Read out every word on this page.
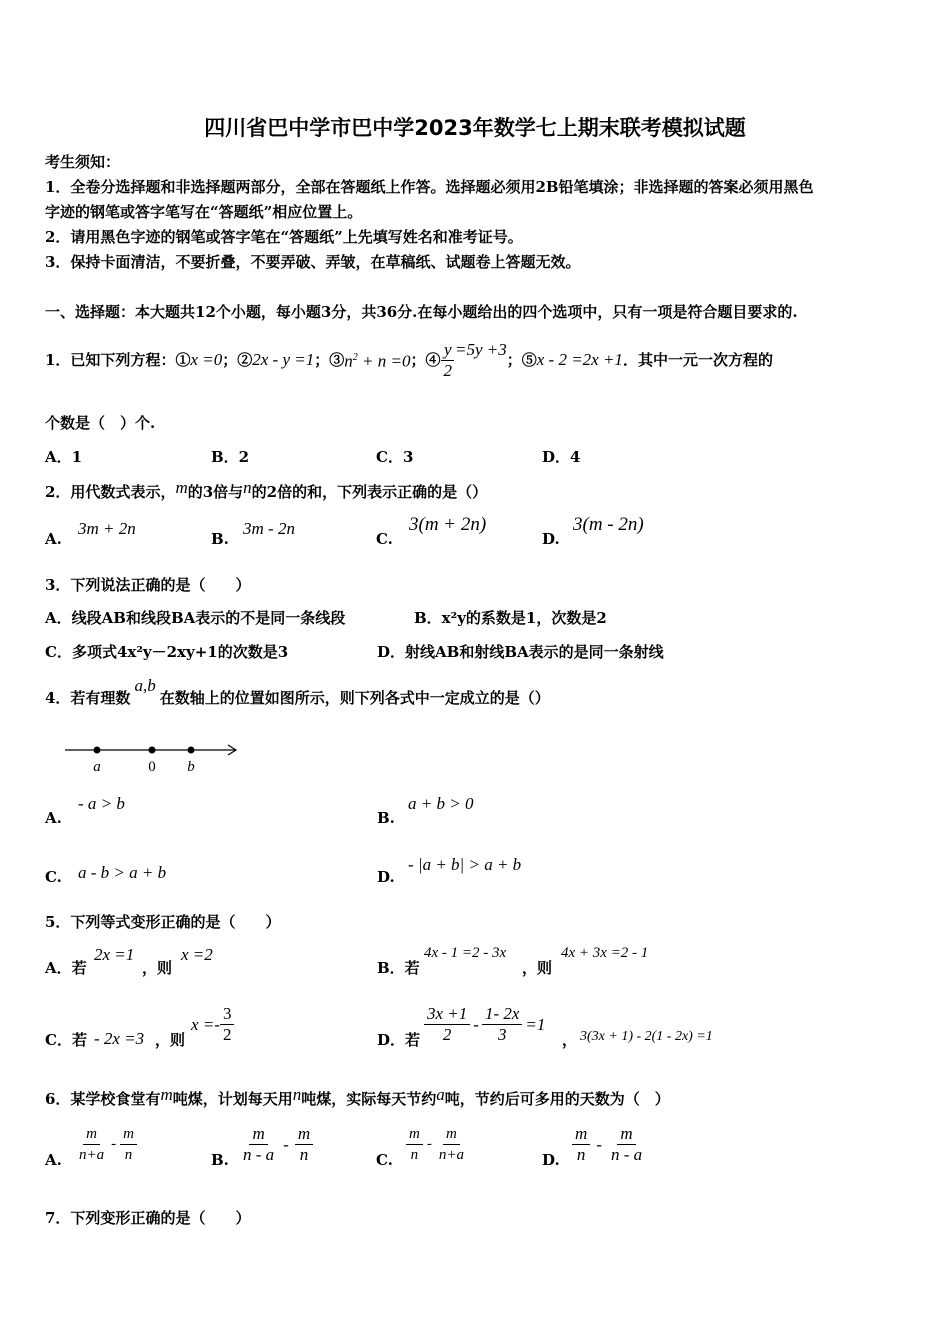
四川省巴中学市巴中学2023年数学七上期末联考模拟试题
考生须知：
1．全卷分选择题和非选择题两部分，全部在答题纸上作答。选择题必须用2B铅笔填涂；非选择题的答案必须用黑色
字迹的钢笔或答字笔写在“答题纸”相应位置上。
2．请用黑色字迹的钢笔或答字笔在“答题纸”上先填写姓名和准考证号。
3．保持卡面清洁，不要折叠，不要弄破、弄皱，在草稿纸、试题卷上答题无效。
一、选择题：本大题共12个小题，每小题3分，共36分.在每小题给出的四个选项中，只有一项是符合题目要求的.
1．已知下列方程：① x =0 ；② 2x - y =1 ；③ $n^2 + n =0$ ；④ $\frac{y}{2} =5y +3$
；⑤ x - 2 =2x +1 ．其中一元一次方程的
个数是（　）个.
A．1	B．2	C．3	D．4
2．用代数式表示，m的3倍与n的2倍的和，下列表示正确的是（）
A.
3m + 2n
B.
3m - 2n
C.
3(m + 2n)
D.
3(m - 2n)
3．下列说法正确的是（　　）
A．线段AB和线段BA表示的不是同一条线段	B．x²y的系数是1，次数是2
C．多项式4x²y－2xy+1的次数是3	D．射线AB和射线BA表示的是同一条射线
4．若有理数a,b在数轴上的位置如图所示，则下列各式中一定成立的是（）
a	0 b
A.
- a > b
B.
a + b > 0
C. a - b > a + b	D.
- |a + b| > a + b
5．下列等式变形正确的是（　　）
A．若
2x =1
，则
x =2
B．若
4x - 1 =2 - 3x
，则
4x + 3x =2 - 1
C．若 - 2x =3 ，则
$x =- \frac{3}{2}$	D．若 $\frac{3x +1}{2} - \frac{1- 2x}{3} =1$
， 3(3x + 1) - 2(1 - 2x) =1
6．某学校食堂有m吨煤，计划每天用n吨煤，实际每天节约a吨，节约后可多用的天数为（　）
A. $\frac{m}{n+a} - \frac{m}{n}$	B. $\frac{m}{n - a} - \frac{m}{n}$	C. $\frac{m}{n} - \frac{m}{n+a}$	D. $\frac{m}{n} - \frac{m}{n - a}$
7．下列变形正确的是（　　）
